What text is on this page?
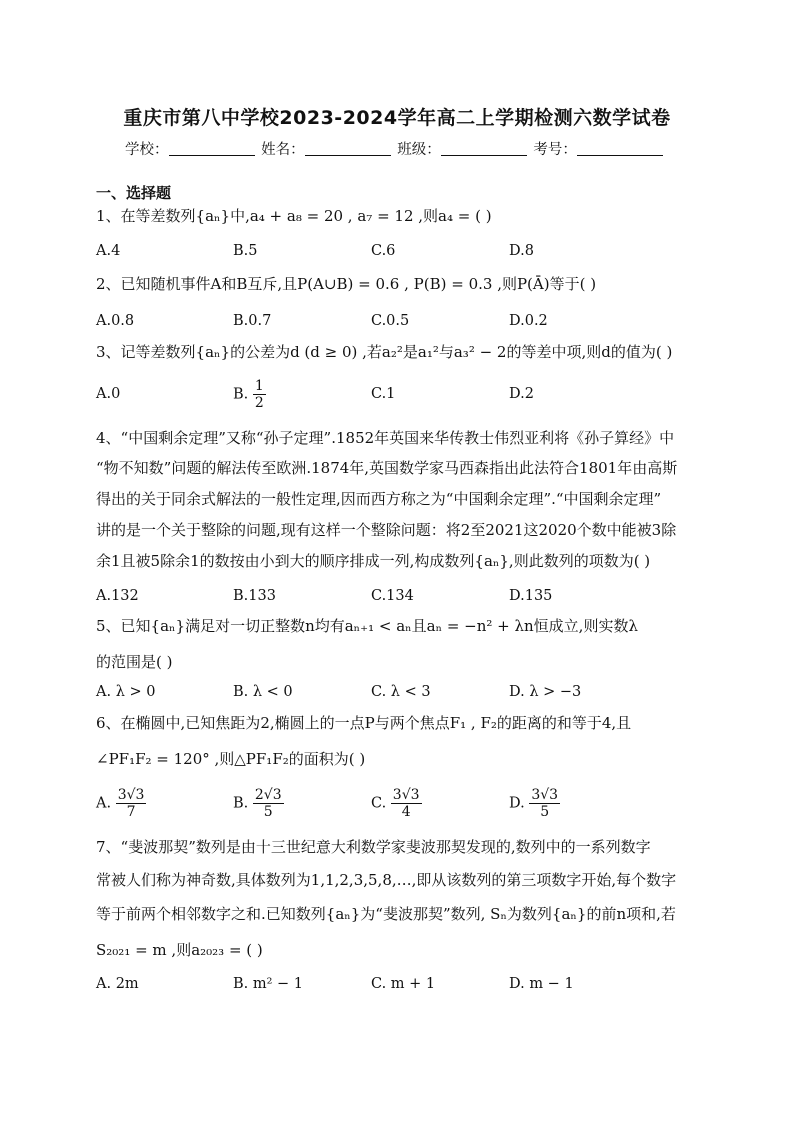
重庆市第八中学校2023-2024学年高二上学期检测六数学试卷
学校：	姓名：	班级：	考号：
一、选择题
1、在等差数列{aₙ}中,a₄ + a₈ = 20 , a₇ = 12 ,则a₄ = ( )
A.4	B.5	C.6	D.8
2、已知随机事件A和B互斥,且P(A∪B) = 0.6 , P(B) = 0.3 ,则P(Ā)等于( )
A.0.8	B.0.7	C.0.5	D.0.2
3、记等差数列{aₙ}的公差为d (d ≥ 0) ,若a₂²是a₁²与a₃² − 2的等差中项,则d的值为( )
A.0	B. $\frac{1}{2}$	C.1	D.2
4、“中国剩余定理”又称“孙子定理”.1852年英国来华传教士伟烈亚利将《孙子算经》中
“物不知数”问题的解法传至欧洲.1874年,英国数学家马西森指出此法符合1801年由高斯
得出的关于同余式解法的一般性定理,因而西方称之为“中国剩余定理”.“中国剩余定理”
讲的是一个关于整除的问题,现有这样一个整除问题：将2至2021这2020个数中能被3除
余1且被5除余1的数按由小到大的顺序排成一列,构成数列{aₙ},则此数列的项数为( )
A.132	B.133	C.134	D.135
5、已知{aₙ}满足对一切正整数n均有aₙ₊₁ < aₙ且aₙ = −n² + λn恒成立,则实数λ
的范围是( )
A. λ > 0	B. λ < 0	C. λ < 3	D. λ > −3
6、在椭圆中,已知焦距为2,椭圆上的一点P与两个焦点F₁ , F₂的距离的和等于4,且
∠PF₁F₂ = 120° ,则△PF₁F₂的面积为( )
A. $\frac{3√3}{7}$	B. $\frac{2√3}{5}$	C. $\frac{3√3}{4}$	D. $\frac{3√3}{5}$
7、“斐波那契”数列是由十三世纪意大利数学家斐波那契发现的,数列中的一系列数字
常被人们称为神奇数,具体数列为1,1,2,3,5,8,…,即从该数列的第三项数字开始,每个数字
等于前两个相邻数字之和.已知数列{aₙ}为“斐波那契”数列, Sₙ为数列{aₙ}的前n项和,若
S₂₀₂₁ = m ,则a₂₀₂₃ = ( )
A. 2m	B. m² − 1	C. m + 1	D. m − 1
